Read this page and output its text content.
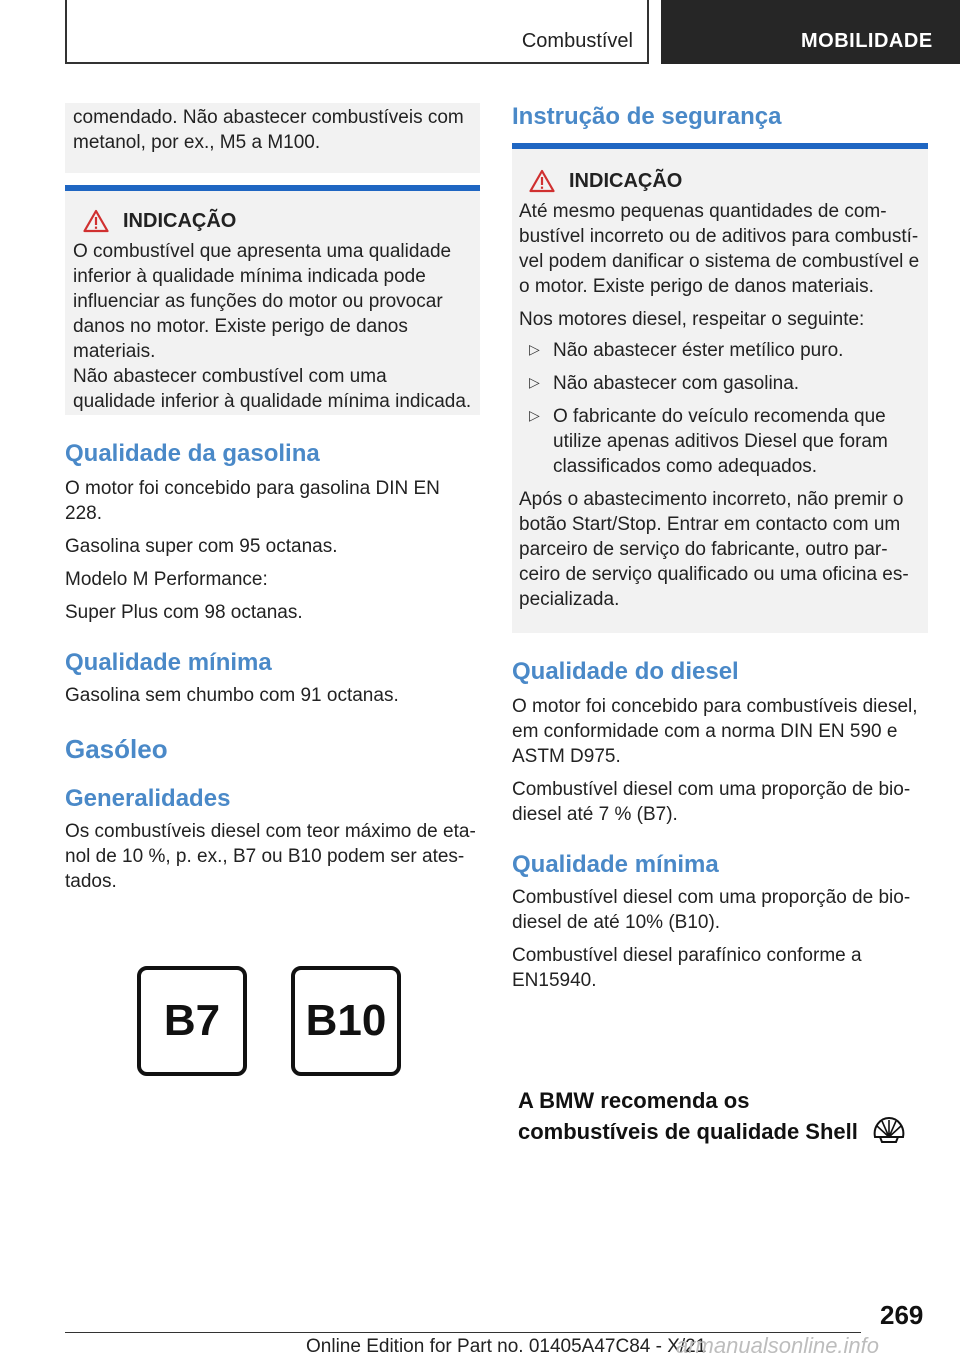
Combustível	MOBILIDADE

comendado. Não abastecer combustíveis com metanol, por ex., M5 a M100.

INDICAÇÃO

O combustível que apresenta uma qualidade inferior à qualidade mínima indicada pode influenciar as funções do motor ou provocar danos no motor. Existe perigo de danos materiais.

Não abastecer combustível com uma qualidade inferior à qualidade mínima indicada.

Qualidade da gasolina

O motor foi concebido para gasolina DIN EN 228.

Gasolina super com 95 octanas.

Modelo M Performance:

Super Plus com 98 octanas.

Qualidade mínima

Gasolina sem chumbo com 91 octanas.

Gasóleo
Generalidades

Os combustíveis diesel com teor máximo de etanol de 10 %, p. ex., B7 ou B10 podem ser atestados.

B7	B10
Instrução de segurança
INDICAÇÃO

Até mesmo pequenas quantidades de combustível incorreto ou de aditivos para combustível podem danificar o sistema de combustível e o motor. Existe perigo de danos materiais.

Nos motores diesel, respeitar o seguinte:

▷ Não abastecer éster metílico puro.

▷ Não abastecer com gasolina.

▷ O fabricante do veículo recomenda que utilize apenas aditivos Diesel que foram classificados como adequados.

Após o abastecimento incorreto, não premir o botão Start/Stop. Entrar em contacto com um parceiro de serviço do fabricante, outro parceiro de serviço qualificado ou uma oficina especializada.

Qualidade do diesel

O motor foi concebido para combustíveis diesel, em conformidade com a norma DIN EN 590 e ASTM D975.

Combustível diesel com uma proporção de biodiesel até 7 % (B7).

Qualidade mínima

Combustível diesel com uma proporção de biodiesel de até 10% (B10).

Combustível diesel parafínico conforme a EN15940.

A BMW recomenda os
combustíveis de qualidade Shell
269
Online Edition for Part no. 01405A47C84 - X/21
armanualsonline.info
